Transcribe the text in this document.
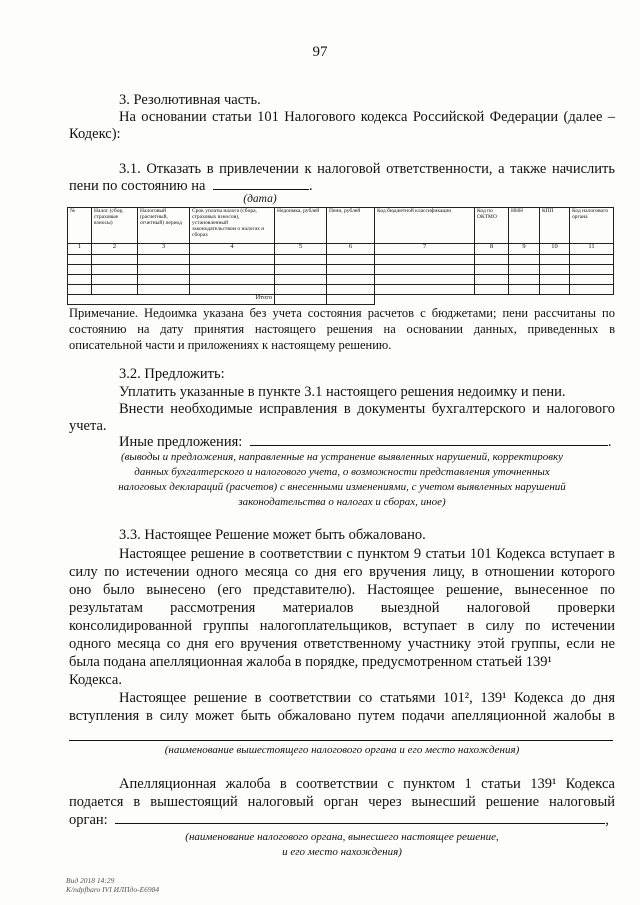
97
3. Резолютивная часть.
На основании статьи 101 Налогового кодекса Российской Федерации (далее –
Кодекс):
3.1. Отказать в привлечении к налоговой ответственности, а также начислить
пени по состоянию на	.
(дата)
№	Налог (сбор, страховые взносы)	Налоговый (расчетный, отчетный) период	Срок уплаты налога (сбора, страховых взносов), установленный законодательством о налогах и сборах	Недоимка, рублей	Пени, рублей	Код бюджетной классификации	Код по ОКТМО	ИНН	КПП	Код налогового органа
1	2	3	4	5	6	7	8	9	10	11

Итого										
Примечание. Недоимка указана без учета состояния расчетов с бюджетами; пени рассчитаны по
состоянию на дату принятия настоящего решения на основании данных, приведенных в
описательной части и приложениях к настоящему решению.
3.2. Предложить:
Уплатить указанные в пункте 3.1 настоящего решения недоимку и пени.
Внести необходимые исправления в документы бухгалтерского и налогового
учета.
Иные предложения:	.
(выводы и предложения, направленные на устранение выявленных нарушений, корректировку
данных бухгалтерского и налогового учета, о возможности представления уточненных
налоговых деклараций (расчетов) с внесенными изменениями, с учетом выявленных нарушений
законодательства о налогах и сборах, иное)
3.3. Настоящее Решение может быть обжаловано.
Настоящее решение в соответствии с пунктом 9 статьи 101 Кодекса вступает в
силу по истечении одного месяца со дня его вручения лицу, в отношении которого
оно было вынесено (его представителю). Настоящее решение, вынесенное по
результатам рассмотрения материалов выездной налоговой проверки
консолидированной группы налогоплательщиков, вступает в силу по истечении
одного месяца со дня его вручения ответственному участнику этой группы, если не
была подана апелляционная жалоба в порядке, предусмотренном статьей 139¹
Кодекса.
Настоящее решение в соответствии со статьями 101², 139¹ Кодекса до дня
вступления в силу может быть обжаловано путем подачи апелляционной жалобы в
(наименование вышестоящего налогового органа и его место нахождения)
Апелляционная жалоба в соответствии с пунктом 1 статьи 139¹ Кодекса
подается в вышестоящий налоговый орган через вынесший решение налоговый
орган:	,
(наименование налогового органа, вынесшего настоящее решение,
и его место нахождения)
Вид 2018 14:29
К/ndpfbaro IVI ИЛПдо-Е6984
